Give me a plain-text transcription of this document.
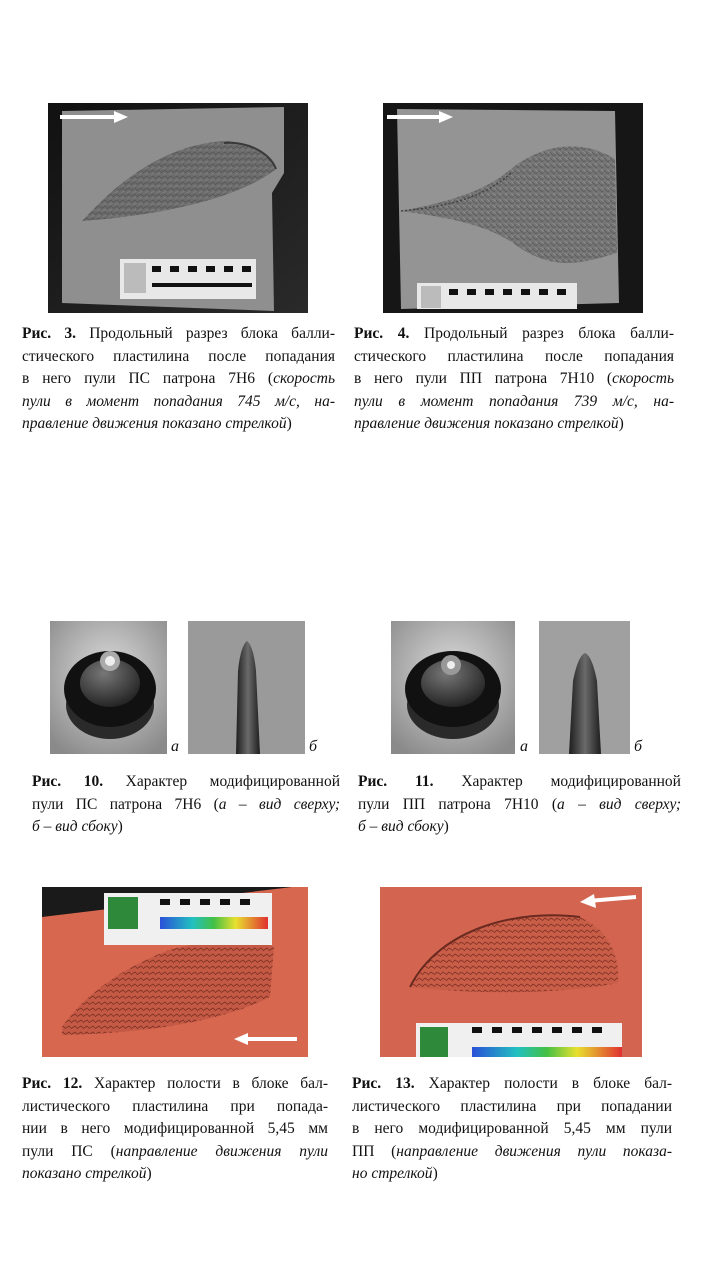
Рис. 3. Продольный разрез блока балли-
стического пластилина после попадания
в него пули ПС патрона 7Н6 (скорость
пули в момент попадания 745 м/с, на-
правление движения показано стрелкой)

Рис. 4. Продольный разрез блока балли-
стического пластилина после попадания
в него пули ПП патрона 7Н10 (скорость
пули в момент попадания 739 м/с, на-
правление движения показано стрелкой)

а	б	а	б

Рис. 10. Характер модифицированной
пули ПС патрона 7Н6 (а – вид сверху;
б – вид сбоку)

Рис. 11. Характер модифицированной
пули ПП патрона 7Н10 (а – вид сверху;
б – вид сбоку)

Рис. 12. Характер полости в блоке бал-
листического пластилина при попада-
нии в него модифицированной 5,45 мм
пули ПС (направление движения пули
показано стрелкой)

Рис. 13. Характер полости в блоке бал-
листического пластилина при попадании
в него модифицированной 5,45 мм пули
ПП (направление движения пули показа-
но стрелкой)
